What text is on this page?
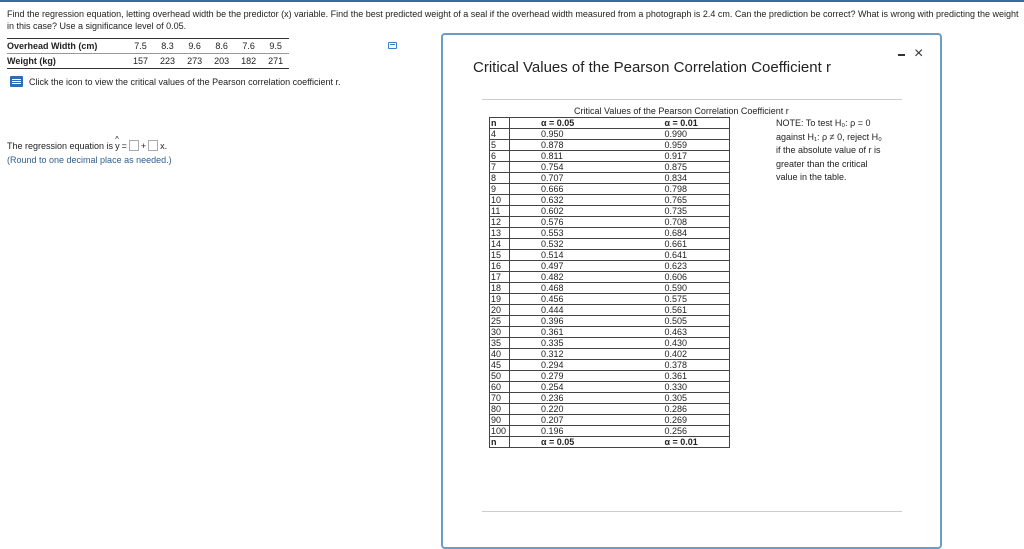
Find the regression equation, letting overhead width be the predictor (x) variable. Find the best predicted weight of a seal if the overhead width measured from a photograph is 2.4 cm. Can the prediction be correct? What is wrong with predicting the weight in this case? Use a significance level of 0.05.
Overhead Width (cm)	7.5	8.3	9.6	8.6	7.6	9.5
Weight (kg)	157	223	273	203	182	271
Click the icon to view the critical values of the Pearson correlation coefficient r.
The regression equation is ^ y = + x.
(Round to one decimal place as needed.)
Critical Values of the Pearson Correlation Coefficient r
×
Critical Values of the Pearson Correlation Coefficient r
n	α = 0.05	α = 0.01
4	0.950	0.990
5	0.878	0.959
6	0.811	0.917
7	0.754	0.875
8	0.707	0.834
9	0.666	0.798
10	0.632	0.765
11	0.602	0.735
12	0.576	0.708
13	0.553	0.684
14	0.532	0.661
15	0.514	0.641
16	0.497	0.623
17	0.482	0.606
18	0.468	0.590
19	0.456	0.575
20	0.444	0.561
25	0.396	0.505
30	0.361	0.463
35	0.335	0.430
40	0.312	0.402
45	0.294	0.378
50	0.279	0.361
60	0.254	0.330
70	0.236	0.305
80	0.220	0.286
90	0.207	0.269
100	0.196	0.256
n	α = 0.05	α = 0.01
NOTE: To test H₀: ρ = 0
against H₁: ρ ≠ 0, reject H₀
if the absolute value of r is
greater than the critical
value in the table.
